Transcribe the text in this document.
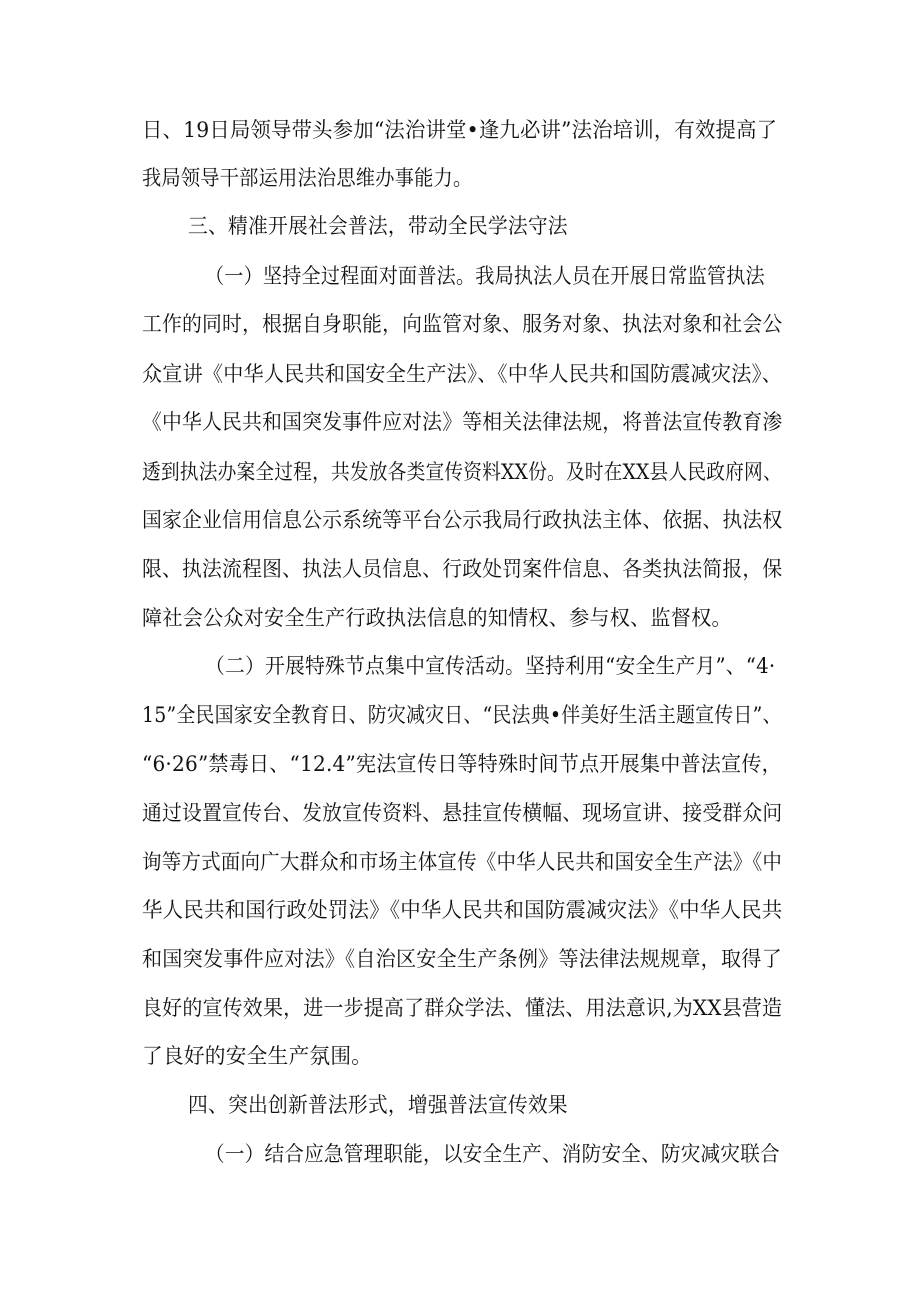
日、19日局领导带头参加“法治讲堂•逢九必讲”法治培训，有效提高了
我局领导干部运用法治思维办事能力。
三、精准开展社会普法，带动全民学法守法
（一）坚持全过程面对面普法。我局执法人员在开展日常监管执法
工作的同时，根据自身职能，向监管对象、服务对象、执法对象和社会公
众宣讲《中华人民共和国安全生产法》、《中华人民共和国防震减灾法》、
《中华人民共和国突发事件应对法》等相关法律法规，将普法宣传教育渗
透到执法办案全过程，共发放各类宣传资料XX份。及时在XX县人民政府网、
国家企业信用信息公示系统等平台公示我局行政执法主体、依据、执法权
限、执法流程图、执法人员信息、行政处罚案件信息、各类执法简报，保
障社会公众对安全生产行政执法信息的知情权、参与权、监督权。
（二）开展特殊节点集中宣传活动。坚持利用“安全生产月”、“4·
15”全民国家安全教育日、防灾减灾日、“民法典•伴美好生活主题宣传日”、
“6·26”禁毒日、“12.4”宪法宣传日等特殊时间节点开展集中普法宣传，
通过设置宣传台、发放宣传资料、悬挂宣传横幅、现场宣讲、接受群众问
询等方式面向广大群众和市场主体宣传《中华人民共和国安全生产法》《中
华人民共和国行政处罚法》《中华人民共和国防震减灾法》《中华人民共
和国突发事件应对法》《自治区安全生产条例》等法律法规规章，取得了
良好的宣传效果，进一步提高了群众学法、懂法、用法意识,为XX县营造
了良好的安全生产氛围。
四、突出创新普法形式，增强普法宣传效果
（一）结合应急管理职能，以安全生产、消防安全、防灾减灾联合
